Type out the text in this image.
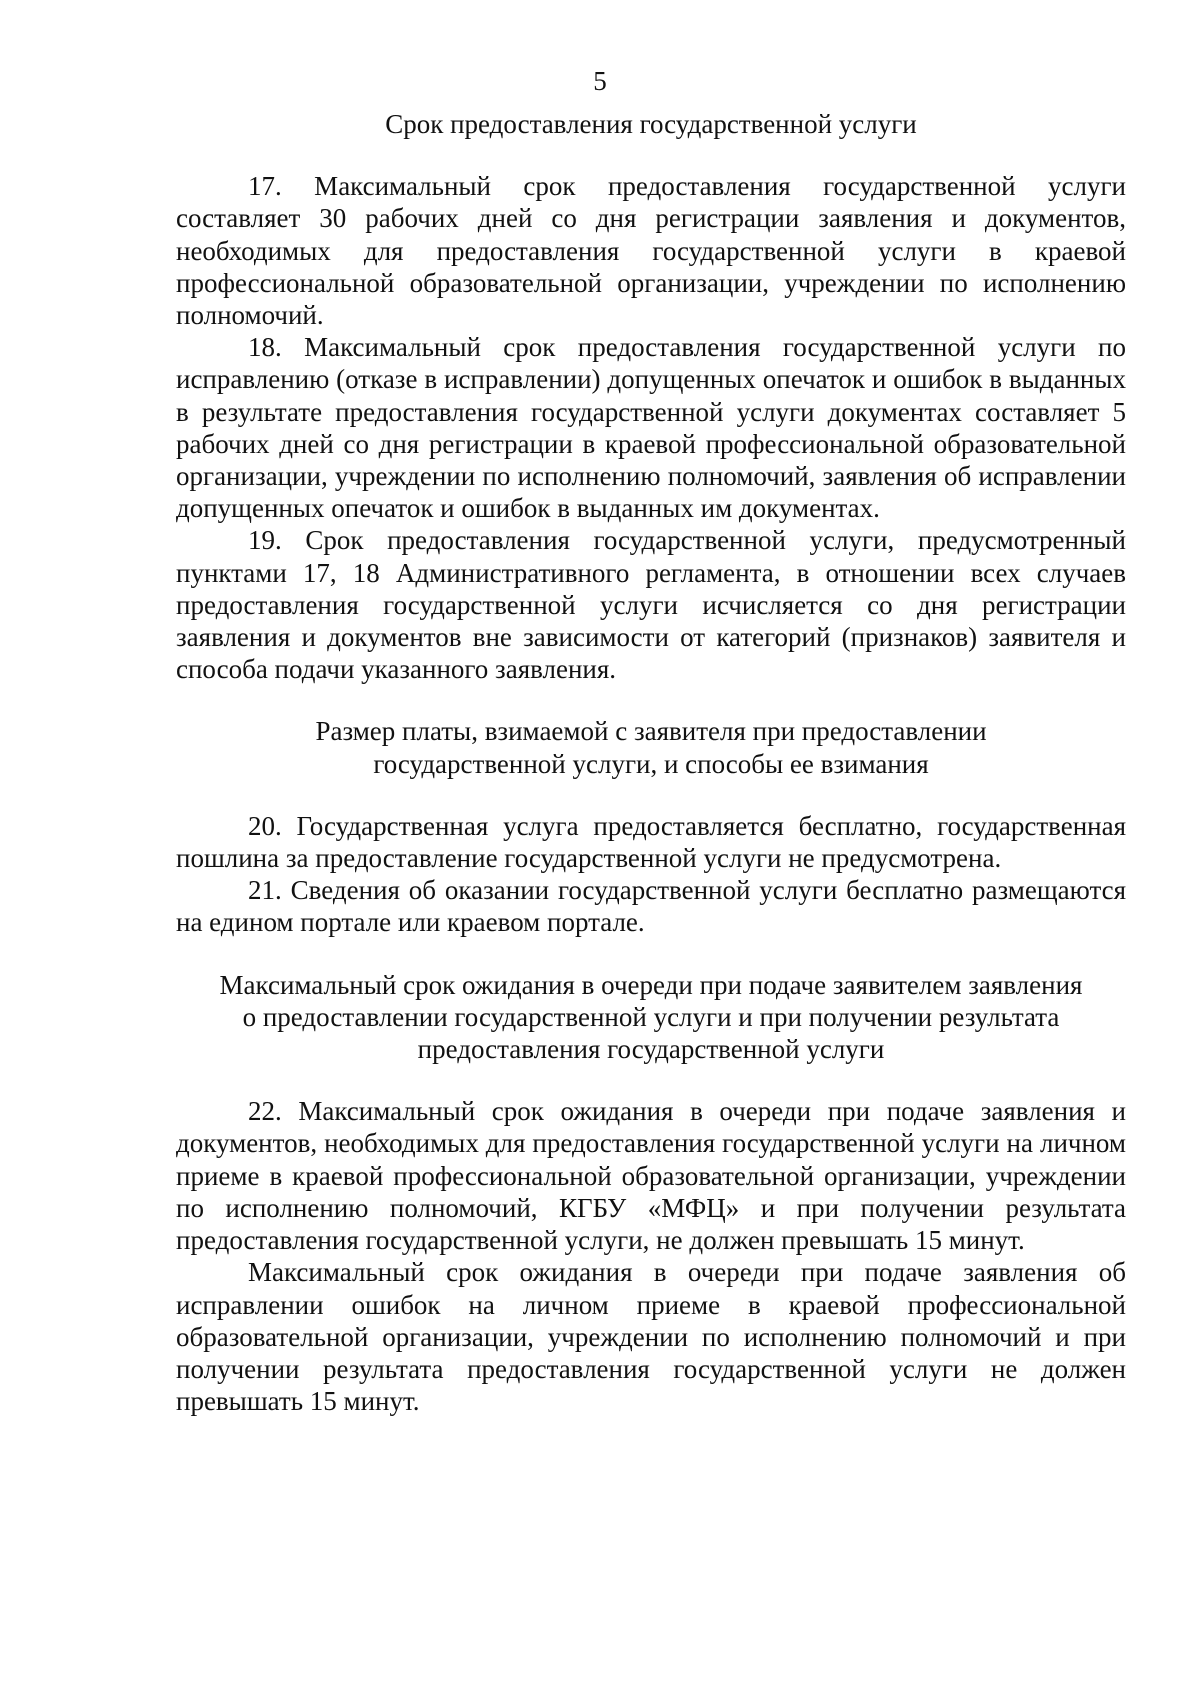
5
Срок предоставления государственной услуги

17. Максимальный срок предоставления государственной услуги составляет 30 рабочих дней со дня регистрации заявления и документов, необходимых для предоставления государственной услуги в краевой профессиональной образовательной организации, учреждении по исполнению полномочий.

18. Максимальный срок предоставления государственной услуги по исправлению (отказе в исправлении) допущенных опечаток и ошибок в выданных в результате предоставления государственной услуги документах составляет 5 рабочих дней со дня регистрации в краевой профессиональной образовательной организации, учреждении по исполнению полномочий, заявления об исправлении допущенных опечаток и ошибок в выданных им документах.

19. Срок предоставления государственной услуги, предусмотренный пунктами 17, 18 Административного регламента, в отношении всех случаев предоставления государственной услуги исчисляется со дня регистрации заявления и документов вне зависимости от категорий (признаков) заявителя и способа подачи указанного заявления.

Размер платы, взимаемой с заявителя при предоставлении
государственной услуги, и способы ее взимания

20. Государственная услуга предоставляется бесплатно, государственная пошлина за предоставление государственной услуги не предусмотрена.

21. Сведения об оказании государственной услуги бесплатно размещаются на едином портале или краевом портале.

Максимальный срок ожидания в очереди при подаче заявителем заявления
о предоставлении государственной услуги и при получении результата
предоставления государственной услуги

22. Максимальный срок ожидания в очереди при подаче заявления и документов, необходимых для предоставления государственной услуги на личном приеме в краевой профессиональной образовательной организации, учреждении по исполнению полномочий, КГБУ «МФЦ» и при получении результата предоставления государственной услуги, не должен превышать 15 минут.

Максимальный срок ожидания в очереди при подаче заявления об исправлении ошибок на личном приеме в краевой профессиональной образовательной организации, учреждении по исполнению полномочий и при получении результата предоставления государственной услуги не должен превышать 15 минут.
